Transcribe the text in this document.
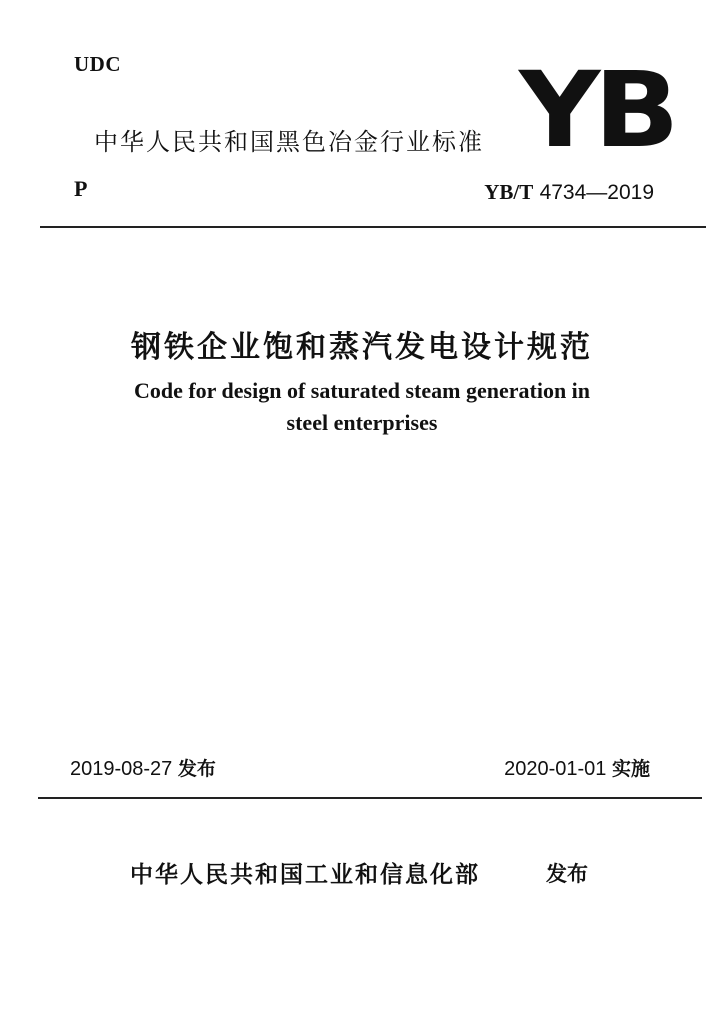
UDC
中华人民共和国黑色冶金行业标准 YB
P	YB/T 4734—2019
钢铁企业饱和蒸汽发电设计规范
Code for design of saturated steam generation in
steel enterprises
2019-08-27 发布	2020-01-01 实施
中华人民共和国工业和信息化部	发布
